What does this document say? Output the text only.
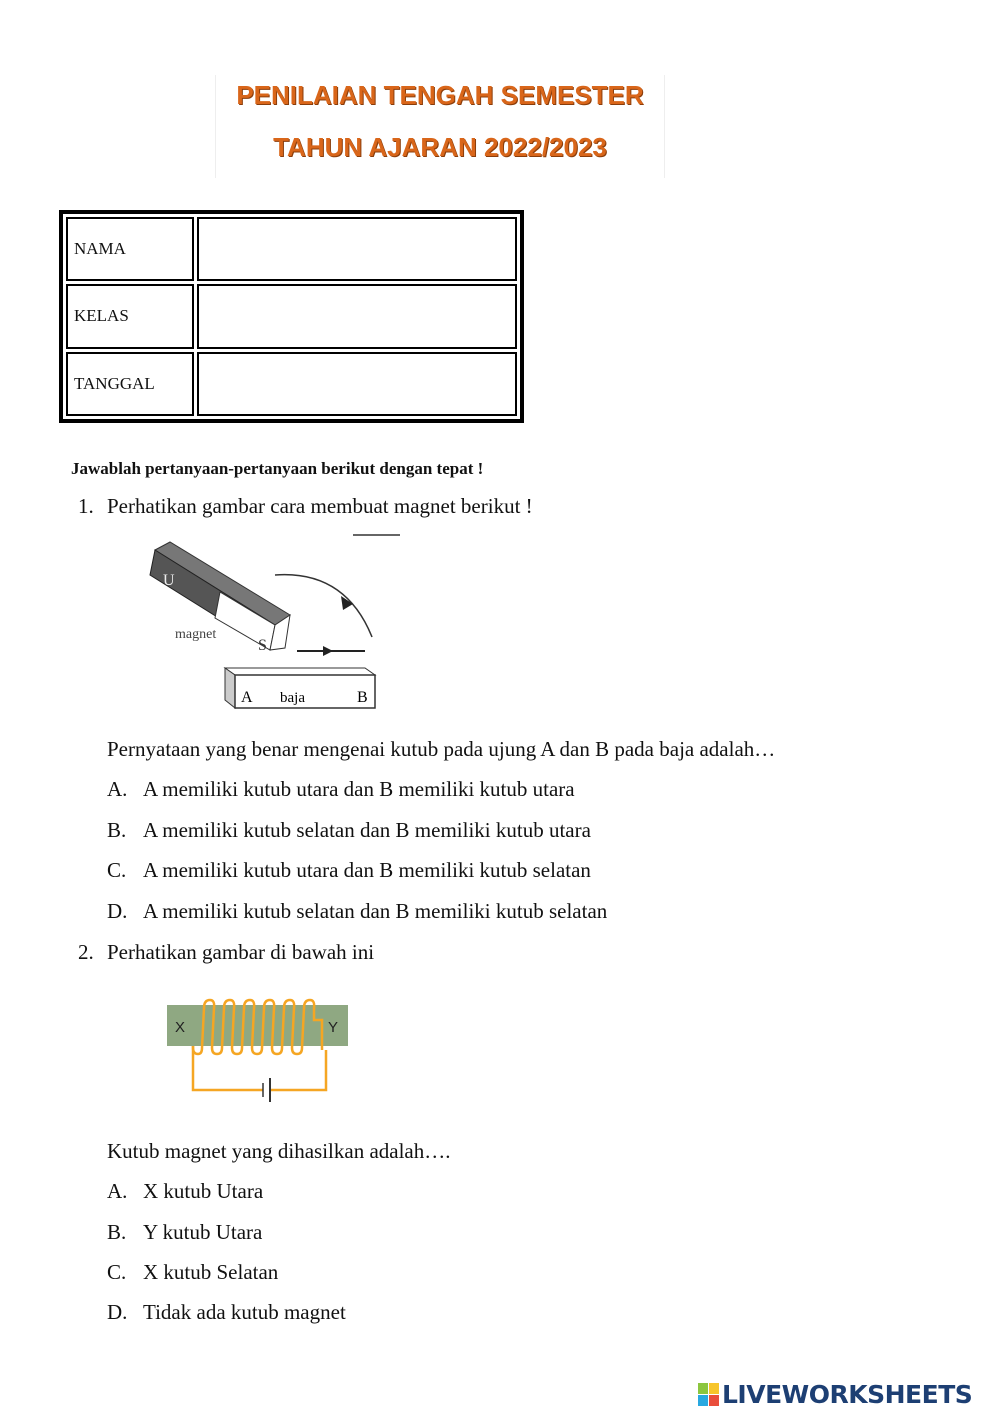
PENILAIAN TENGAH SEMESTER
TAHUN AJARAN 2022/2023
NAMA	
KELAS	
TANGGAL	
Jawablah pertanyaan-pertanyaan berikut dengan tepat !
1. Perhatikan gambar cara membuat magnet berikut !
U
magnet
S
A baja	B
Pernyataan yang benar mengenai kutub pada ujung A dan B pada baja adalah…
A. A memiliki kutub utara dan B memiliki kutub utara
B. A memiliki kutub selatan dan B memiliki kutub utara
C. A memiliki kutub utara dan B memiliki kutub selatan
D. A memiliki kutub selatan dan B memiliki kutub selatan
2. Perhatikan gambar di bawah ini
X	Y
Kutub magnet yang dihasilkan adalah….
A. X kutub Utara
B. Y kutub Utara
C. X kutub Selatan
D. Tidak ada kutub magnet
LIVEWORKSHEETS
